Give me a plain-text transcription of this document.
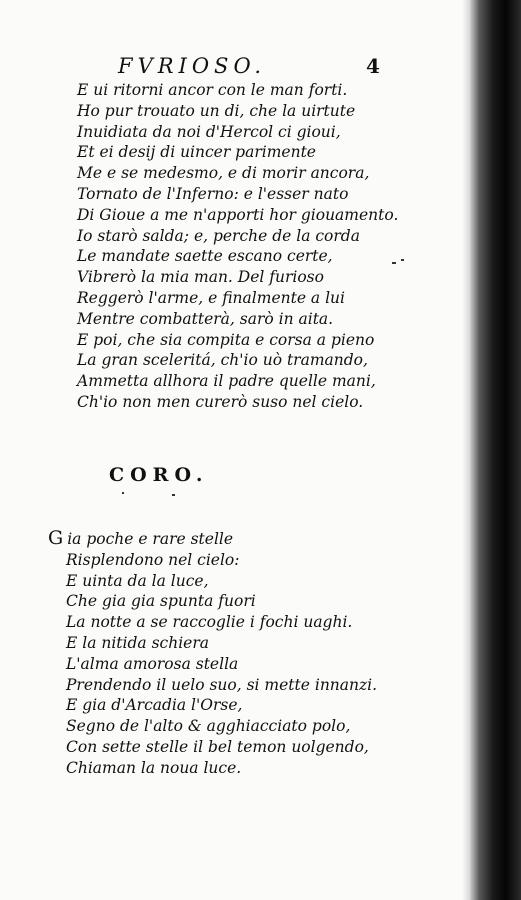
FVRIOSO.	4
E ui ritorni ancor con le man forti.
Ho pur trouato un di, che la uirtute
Inuidiata da noi d'Hercol ci gioui,
Et ei desij di uincer parimente
Me e se medesmo, e di morir ancora,
Tornato de l'Inferno: e l'esser nato
Di Gioue a me n'apporti hor giouamento.
Io starò salda; e, perche de la corda
Le mandate saette escano certe,
Vibrerò la mia man. Del furioso
Reggerò l'arme, e finalmente a lui
Mentre combatterà, sarò in aita.
E poi, che sia compita e corsa a pieno
La gran sceleritá, ch'io uò tramando,
Ammetta allhora il padre quelle mani,
Ch'io non men curerò suso nel cielo.
CORO.
G ia poche e rare stelle
Risplendono nel cielo:
E uinta da la luce,
Che gia gia spunta fuori
La notte a se raccoglie i fochi uaghi.
E la nitida schiera
L'alma amorosa stella
Prendendo il uelo suo, si mette innanzi.
E gia d'Arcadia l'Orse,
Segno de l'alto & agghiacciato polo,
Con sette stelle il bel temon uolgendo,
Chiaman la noua luce.
